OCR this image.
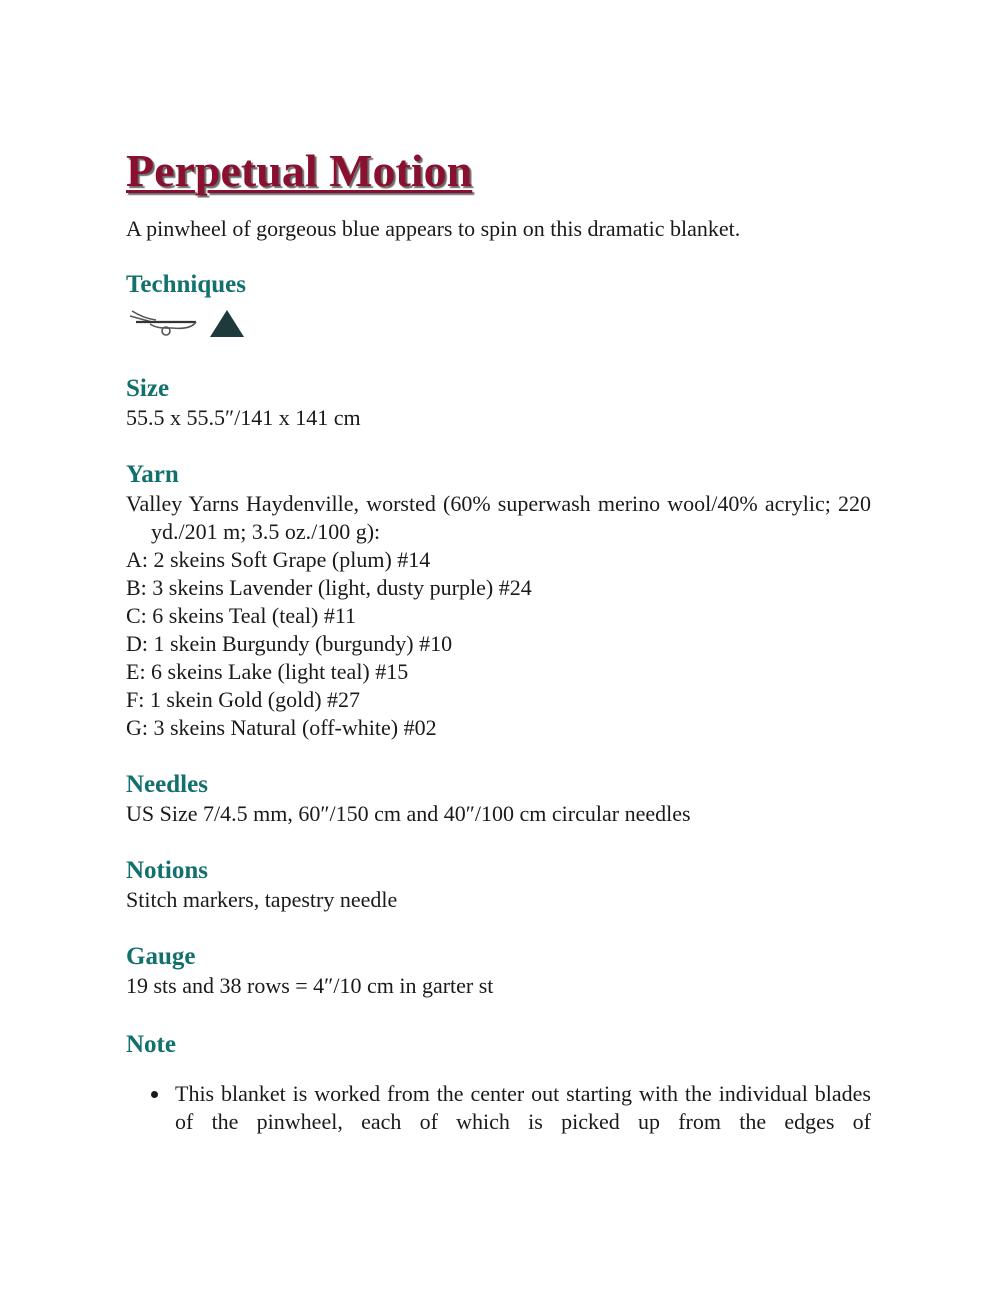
Perpetual Motion

A pinwheel of gorgeous blue appears to spin on this dramatic blanket.

Techniques
Size

55.5 x 55.5″/141 x 141 cm

Yarn

Valley Yarns Haydenville, worsted (60% superwash merino wool/40% acrylic; 220 yd./201 m; 3.5 oz./100 g):

A: 2 skeins Soft Grape (plum) #14

B: 3 skeins Lavender (light, dusty purple) #24

C: 6 skeins Teal (teal) #11

D: 1 skein Burgundy (burgundy) #10

E: 6 skeins Lake (light teal) #15

F: 1 skein Gold (gold) #27

G: 3 skeins Natural (off-white) #02

Needles

US Size 7/4.5 mm, 60″/150 cm and 40″/100 cm circular needles

Notions

Stitch markers, tapestry needle

Gauge

19 sts and 38 rows = 4″/10 cm in garter st

Note
This blanket is worked from the center out starting with the individual blades of the pinwheel, each of which is picked up from the edges of
